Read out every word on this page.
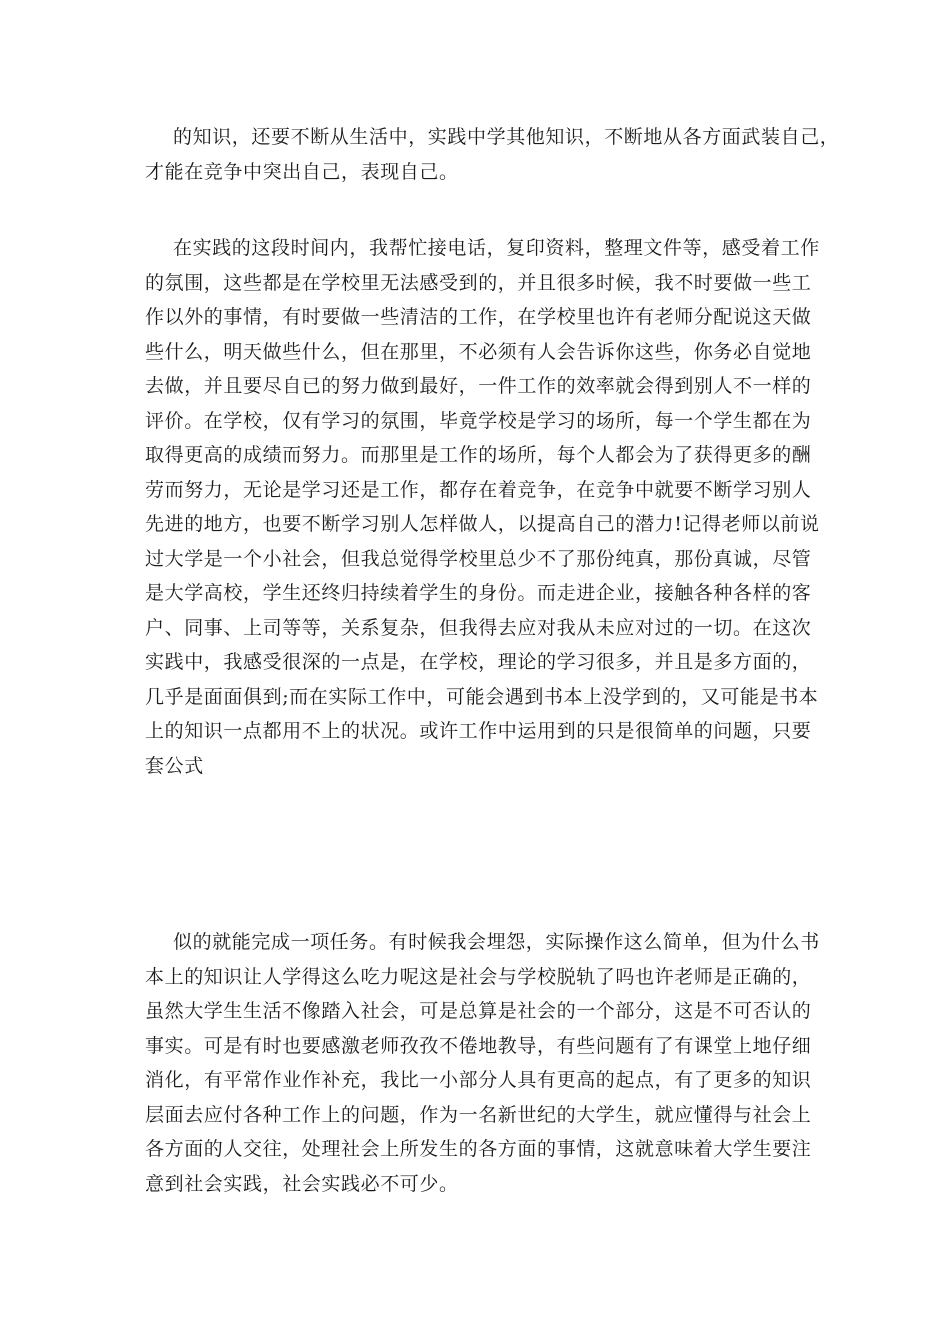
的知识，还要不断从生活中，实践中学其他知识，不断地从各方面武装自己，
才能在竞争中突出自己，表现自己。
在实践的这段时间内，我帮忙接电话，复印资料，整理文件等，感受着工作
的氛围，这些都是在学校里无法感受到的，并且很多时候，我不时要做一些工
作以外的事情，有时要做一些清洁的工作，在学校里也许有老师分配说这天做
些什么，明天做些什么，但在那里，不必须有人会告诉你这些，你务必自觉地
去做，并且要尽自已的努力做到最好，一件工作的效率就会得到别人不一样的
评价。在学校，仅有学习的氛围，毕竟学校是学习的场所，每一个学生都在为
取得更高的成绩而努力。而那里是工作的场所，每个人都会为了获得更多的酬
劳而努力，无论是学习还是工作，都存在着竞争，在竞争中就要不断学习别人
先进的地方，也要不断学习别人怎样做人，以提高自己的潜力!记得老师以前说
过大学是一个小社会，但我总觉得学校里总少不了那份纯真，那份真诚，尽管
是大学高校，学生还终归持续着学生的身份。而走进企业，接触各种各样的客
户、同事、上司等等，关系复杂，但我得去应对我从未应对过的一切。在这次
实践中，我感受很深的一点是，在学校，理论的学习很多，并且是多方面的，
几乎是面面俱到;而在实际工作中，可能会遇到书本上没学到的，又可能是书本
上的知识一点都用不上的状况。或许工作中运用到的只是很简单的问题，只要
套公式
似的就能完成一项任务。有时候我会埋怨，实际操作这么简单，但为什么书
本上的知识让人学得这么吃力呢这是社会与学校脱轨了吗也许老师是正确的，
虽然大学生生活不像踏入社会，可是总算是社会的一个部分，这是不可否认的
事实。可是有时也要感激老师孜孜不倦地教导，有些问题有了有课堂上地仔细
消化，有平常作业作补充，我比一小部分人具有更高的起点，有了更多的知识
层面去应付各种工作上的问题，作为一名新世纪的大学生，就应懂得与社会上
各方面的人交往，处理社会上所发生的各方面的事情，这就意味着大学生要注
意到社会实践，社会实践必不可少。
